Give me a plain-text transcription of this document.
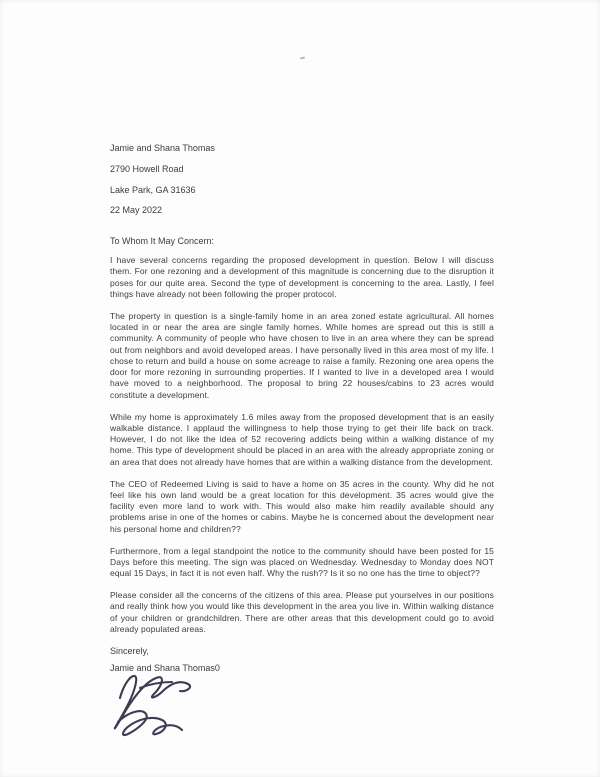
Jamie and Shana Thomas

2790 Howell Road

Lake Park, GA 31636

22 May 2022

To Whom It May Concern:

I have several concerns regarding the proposed development in question. Below I will discuss them. For one rezoning and a development of this magnitude is concerning due to the disruption it poses for our quite area. Second the type of development is concerning to the area. Lastly, I feel things have already not been following the proper protocol.

The property in question is a single-family home in an area zoned estate agricultural. All homes located in or near the area are single family homes. While homes are spread out this is still a community. A community of people who have chosen to live in an area where they can be spread out from neighbors and avoid developed areas. I have personally lived in this area most of my life. I chose to return and build a house on some acreage to raise a family. Rezoning one area opens the door for more rezoning in surrounding properties. If I wanted to live in a developed area I would have moved to a neighborhood. The proposal to bring 22 houses/cabins to 23 acres would constitute a development.

While my home is approximately 1.6 miles away from the proposed development that is an easily walkable distance. I applaud the willingness to help those trying to get their life back on track. However, I do not like the idea of 52 recovering addicts being within a walking distance of my home. This type of development should be placed in an area with the already appropriate zoning or an area that does not already have homes that are within a walking distance from the development.

The CEO of Redeemed Living is said to have a home on 35 acres in the county. Why did he not feel like his own land would be a great location for this development. 35 acres would give the facility even more land to work with. This would also make him readily available should any problems arise in one of the homes or cabins. Maybe he is concerned about the development near his personal home and children??

Furthermore, from a legal standpoint the notice to the community should have been posted for 15 Days before this meeting. The sign was placed on Wednesday. Wednesday to Monday does NOT equal 15 Days, in fact it is not even half. Why the rush?? Is it so no one has the time to object??

Please consider all the concerns of the citizens of this area. Please put yourselves in our positions and really think how you would like this development in the area you live in. Within walking distance of your children or grandchildren. There are other areas that this development could go to avoid already populated areas.

Sincerely,

Jamie and Shana Thomas0
